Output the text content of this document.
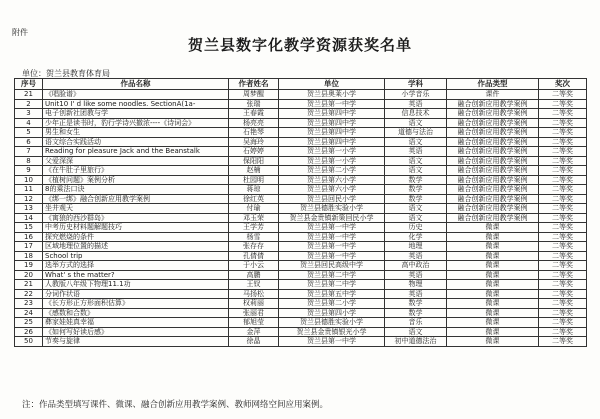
附件
贺兰县数字化教学资源获奖名单
单位：贺兰县教育体育局
序号	作品名称	作者姓名	单位	学科	作品类型	奖次
21	《唱脸谱》	周梦醒	贺兰县奥莱小学	小学音乐	课件	二等奖
2	Unit10 I' d like some noodles. SectionA(1a-	张瑞	贺兰县第一中学	英语	融合创新应用教学案例	二等奖
3	电子创新社团教与学	王春霞	贺兰县第四中学	信息技术	融合创新应用教学案例	二等奖
4	少年正是读书时，豹行学诗兴撤浓----《诗词会》	杨亮亮	贺兰县第四中学	语文	融合创新应用教学案例	二等奖
5	男生和女生	石艳琴	贺兰县第四中学	道德与法治	融合创新应用教学案例	二等奖
6	语文综合实践活动	吴海玲	贺兰县第四中学	语文	融合创新应用教学案例	二等奖
7	Reading for pleasure Jack and the Beanstalk	石婷婷	贺兰县第一小学	英语	融合创新应用教学案例	二等奖
8	父爱深深	保阳阳	贺兰县第一小学	语文	融合创新应用教学案例	二等奖
9	《在牛肚子里旅行》	赵楠	贺兰县第二小学	语文	融合创新应用教学案例	二等奖
10	《植树问题》案例分析	杜园明	贺兰县第六小学	数学	融合创新应用教学案例	二等奖
11	8的乘法口诀	蒋琼	贺兰县第六小学	数学	融合创新应用教学案例	二等奖
12	《绑一绑》融合创新应用教学案例	徐红英	贺兰县回民小学	数学	融合创新应用教学案例	二等奖
13	坐井观天	付瑜	贺兰县德胜实验小学	语文	融合创新应用教学案例	二等奖
14	《寓狼的西沙群岛》	邓玉荣	贺兰县金贵镇新策回民小学	语文	融合创新应用教学案例	二等奖
15	中考历史材料题解题技巧	王学芳	贺兰县第一中学	历史	微课	二等奖
16	探究燃烧的条件	杨雪	贺兰县第一中学	化学	微课	二等奖
17	区域地理位置的描述	张存存	贺兰县第一中学	地理	微课	二等奖
18	School trip	孔倩倩	贺兰县第一中学	英语	微课	二等奖
19	选举方式的选择	于小云	贺兰县回民高级中学	高中政治	微课	二等奖
20	What' s the matter?	高鹏	贺兰县第二中学	英语	微课	二等奖
21	人教版八年级下物理11.1功	王钗	贺兰县第二中学	物理	微课	二等奖
22	分词作状语	马扬松	贺兰县第五中学	英语	微课	二等奖
23	《长方形正方形面积估算》	权莉丽	贺兰县第二小学	数学	微课	二等奖
24	《感数和合数》	张丽君	贺兰县第四小学	数学	微课	二等奖
25	彝家娃娃真幸福	郁旭莹	贺兰县德胜实验小学	音乐	微课	二等奖
26	《如何写好读后感》	金萍	贺兰县金贵镇银光小学	语文	微课	二等奖
50	节奏与旋律	徐晶	贺兰县第一中学	初中道德法治	微课	二等奖
注：作品类型填写课件、微课、融合创新应用教学案例、教师网络空间应用案例。
